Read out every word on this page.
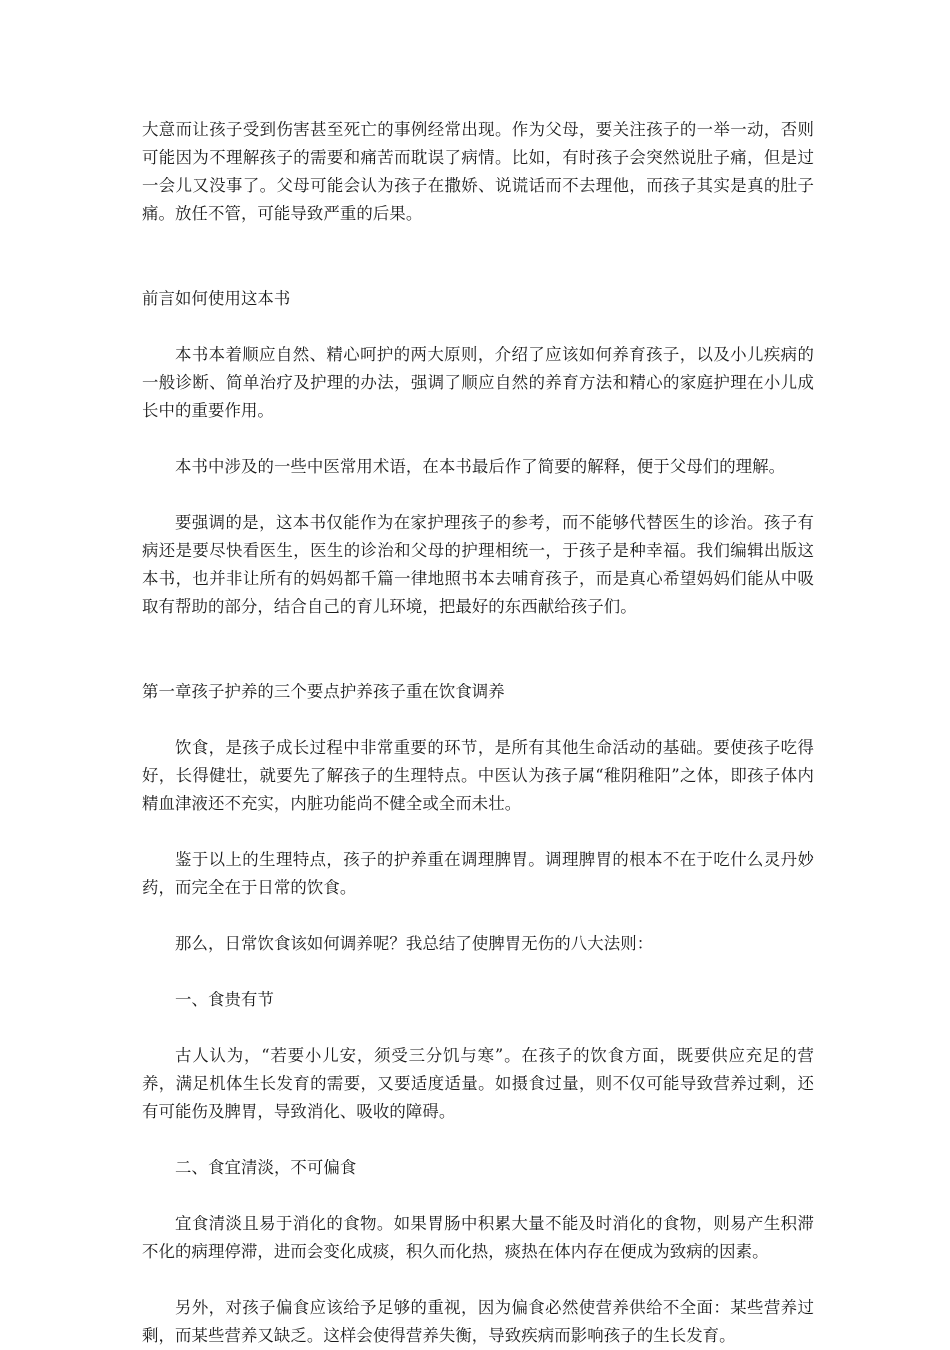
大意而让孩子受到伤害甚至死亡的事例经常出现。作为父母，要关注孩子的一举一动，否则可能因为不理解孩子的需要和痛苦而耽误了病情。比如，有时孩子会突然说肚子痛，但是过一会儿又没事了。父母可能会认为孩子在撒娇、说谎话而不去理他，而孩子其实是真的肚子痛。放任不管，可能导致严重的后果。

前言如何使用这本书

本书本着顺应自然、精心呵护的两大原则，介绍了应该如何养育孩子，以及小儿疾病的一般诊断、简单治疗及护理的办法，强调了顺应自然的养育方法和精心的家庭护理在小儿成长中的重要作用。

本书中涉及的一些中医常用术语，在本书最后作了简要的解释，便于父母们的理解。

要强调的是，这本书仅能作为在家护理孩子的参考，而不能够代替医生的诊治。孩子有病还是要尽快看医生，医生的诊治和父母的护理相统一，于孩子是种幸福。我们编辑出版这本书，也并非让所有的妈妈都千篇一律地照书本去哺育孩子，而是真心希望妈妈们能从中吸取有帮助的部分，结合自己的育儿环境，把最好的东西献给孩子们。

第一章孩子护养的三个要点护养孩子重在饮食调养

饮食，是孩子成长过程中非常重要的环节，是所有其他生命活动的基础。要使孩子吃得好，长得健壮，就要先了解孩子的生理特点。中医认为孩子属“稚阴稚阳”之体，即孩子体内精血津液还不充实，内脏功能尚不健全或全而未壮。

鉴于以上的生理特点，孩子的护养重在调理脾胃。调理脾胃的根本不在于吃什么灵丹妙药，而完全在于日常的饮食。

那么，日常饮食该如何调养呢？我总结了使脾胃无伤的八大法则：

一、食贵有节

古人认为，“若要小儿安，须受三分饥与寒”。在孩子的饮食方面，既要供应充足的营养，满足机体生长发育的需要，又要适度适量。如摄食过量，则不仅可能导致营养过剩，还有可能伤及脾胃，导致消化、吸收的障碍。

二、食宜清淡，不可偏食

宜食清淡且易于消化的食物。如果胃肠中积累大量不能及时消化的食物，则易产生积滞不化的病理停滞，进而会变化成痰，积久而化热，痰热在体内存在便成为致病的因素。

另外，对孩子偏食应该给予足够的重视，因为偏食必然使营养供给不全面：某些营养过剩，而某些营养又缺乏。这样会使得营养失衡，导致疾病而影响孩子的生长发育。
